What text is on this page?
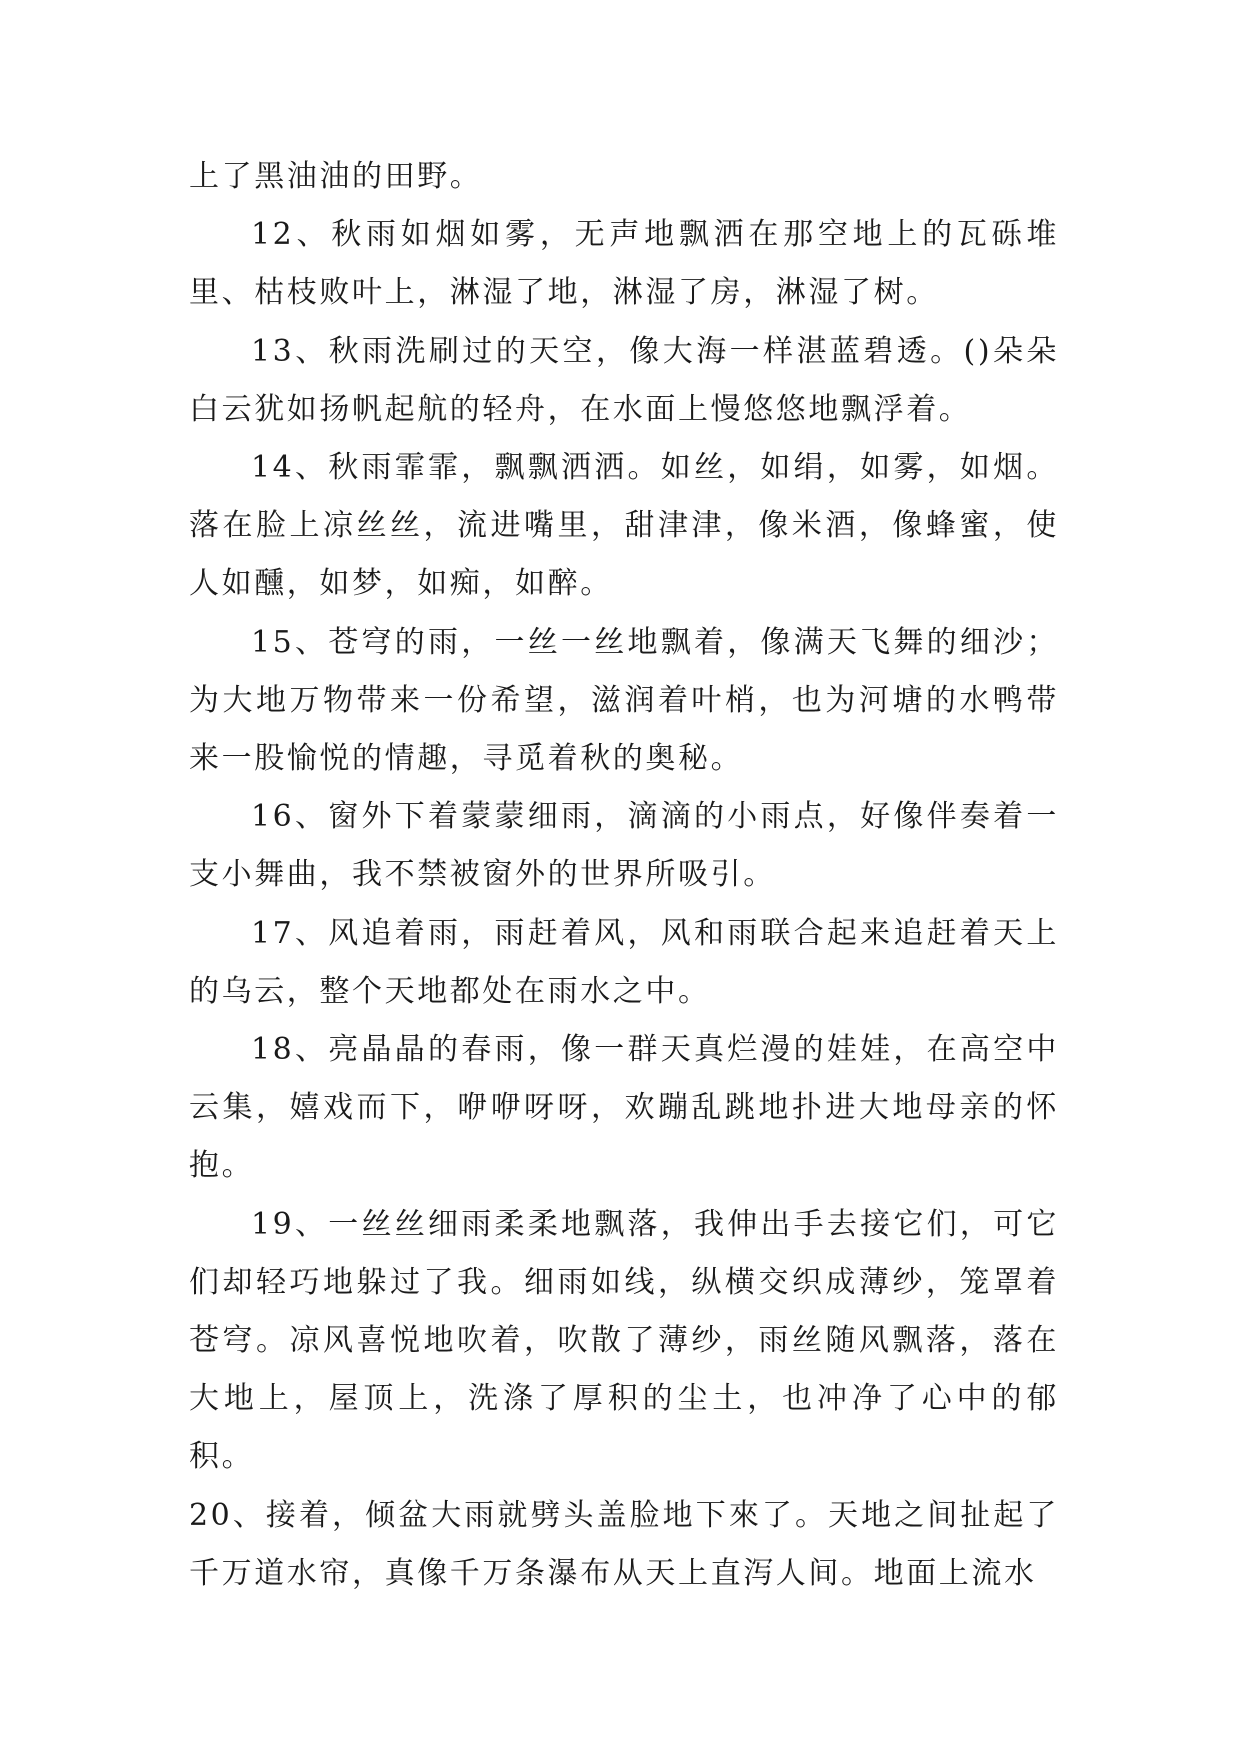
上了黑油油的田野。

12、秋雨如烟如雾，无声地飘洒在那空地上的瓦砾堆里、枯枝败叶上，淋湿了地，淋湿了房，淋湿了树。

13、秋雨洗刷过的天空，像大海一样湛蓝碧透。()朵朵白云犹如扬帆起航的轻舟，在水面上慢悠悠地飘浮着。

14、秋雨霏霏，飘飘洒洒。如丝，如绢，如雾，如烟。落在脸上凉丝丝，流进嘴里，甜津津，像米酒，像蜂蜜，使人如醺，如梦，如痴，如醉。

15、苍穹的雨，一丝一丝地飘着，像满天飞舞的细沙；为大地万物带来一份希望，滋润着叶梢，也为河塘的水鸭带来一股愉悦的情趣，寻觅着秋的奥秘。

16、窗外下着蒙蒙细雨，滴滴的小雨点，好像伴奏着一支小舞曲，我不禁被窗外的世界所吸引。

17、风追着雨，雨赶着风，风和雨联合起来追赶着天上的乌云，整个天地都处在雨水之中。

18、亮晶晶的春雨，像一群天真烂漫的娃娃，在高空中云集，嬉戏而下，咿咿呀呀，欢蹦乱跳地扑进大地母亲的怀抱。

19、一丝丝细雨柔柔地飘落，我伸出手去接它们，可它们却轻巧地躲过了我。细雨如线，纵横交织成薄纱，笼罩着苍穹。凉风喜悦地吹着，吹散了薄纱，雨丝随风飘落，落在大地上，屋顶上，洗涤了厚积的尘土，也冲净了心中的郁积。

20、接着，倾盆大雨就劈头盖脸地下來了。天地之间扯起了千万道水帘，真像千万条瀑布从天上直泻人间。地面上流水
